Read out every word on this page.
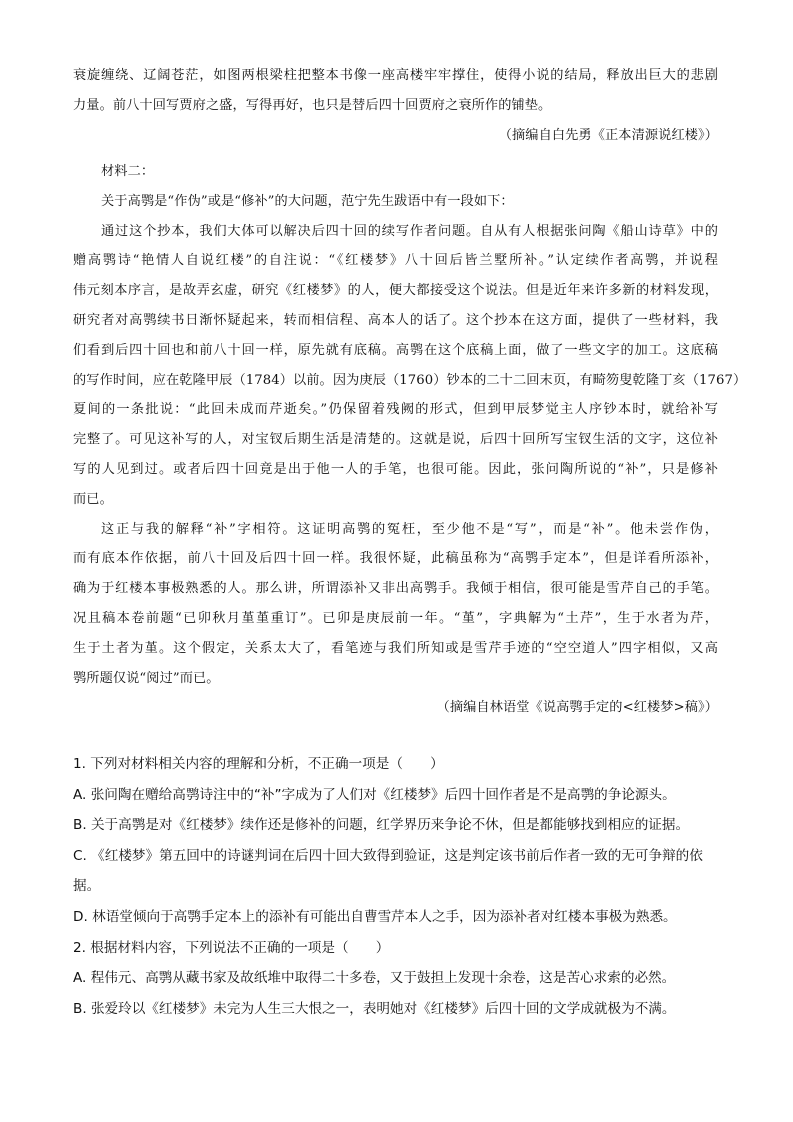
衰旋缠绕、辽阔苍茫，如图两根梁柱把整本书像一座高楼牢牢撑住，使得小说的结局，释放出巨大的悲剧
力量。前八十回写贾府之盛，写得再好，也只是替后四十回贾府之衰所作的铺垫。
（摘编自白先勇《正本清源说红楼》）
材料二：
关于高鹗是“作伪”或是“修补”的大问题，范宁先生跋语中有一段如下：
通过这个抄本，我们大体可以解决后四十回的续写作者问题。自从有人根据张问陶《船山诗草》中的
赠高鹗诗“艳情人自说红楼”的自注说：“《红楼梦》八十回后皆兰墅所补。”认定续作者高鹗，并说程
伟元刻本序言，是故弄玄虚，研究《红楼梦》的人，便大都接受这个说法。但是近年来许多新的材料发现，
研究者对高鹗续书日渐怀疑起来，转而相信程、高本人的话了。这个抄本在这方面，提供了一些材料，我
们看到后四十回也和前八十回一样，原先就有底稿。高鹗在这个底稿上面，做了一些文字的加工。这底稿
的写作时间，应在乾隆甲辰（1784）以前。因为庚辰（1760）钞本的二十二回末页，有畸笏叟乾隆丁亥（1767）
夏间的一条批说：“此回未成而芹逝矣。”仍保留着残阙的形式，但到甲辰梦觉主人序钞本时，就给补写
完整了。可见这补写的人，对宝钗后期生活是清楚的。这就是说，后四十回所写宝钗生活的文字，这位补
写的人见到过。或者后四十回竟是出于他一人的手笔，也很可能。因此，张问陶所说的“补”，只是修补
而已。
这正与我的解释“补”字相符。这证明高鹗的冤枉，至少他不是“写”，而是“补”。他未尝作伪，
而有底本作依据，前八十回及后四十回一样。我很怀疑，此稿虽称为“高鹗手定本”，但是详看所添补，
确为于红楼本事极熟悉的人。那么讲，所谓添补又非出高鹗手。我倾于相信，很可能是雪芹自己的手笔。
况且稿本卷前题“已卯秋月堇堇重订”。已卯是庚辰前一年。“堇”，字典解为“土芹”，生于水者为芹，
生于土者为堇。这个假定，关系太大了，看笔迹与我们所知或是雪芹手迹的“空空道人”四字相似，又高
鹗所题仅说“阅过”而已。
（摘编自林语堂《说高鹗手定的<红楼梦>稿》）
1. 下列对材料相关内容的理解和分析，不正确一项是（　　）
A. 张问陶在赠给高鹗诗注中的“补”字成为了人们对《红楼梦》后四十回作者是不是高鹗的争论源头。
B. 关于高鹗是对《红楼梦》续作还是修补的问题，红学界历来争论不休，但是都能够找到相应的证据。
C. 《红楼梦》第五回中的诗谜判词在后四十回大致得到验证，这是判定该书前后作者一致的无可争辩的依
据。
D. 林语堂倾向于高鹗手定本上的添补有可能出自曹雪芹本人之手，因为添补者对红楼本事极为熟悉。
2. 根据材料内容，下列说法不正确的一项是（　　）
A. 程伟元、高鹗从藏书家及故纸堆中取得二十多卷，又于鼓担上发现十余卷，这是苦心求索的必然。
B. 张爱玲以《红楼梦》未完为人生三大恨之一，表明她对《红楼梦》后四十回的文学成就极为不满。
